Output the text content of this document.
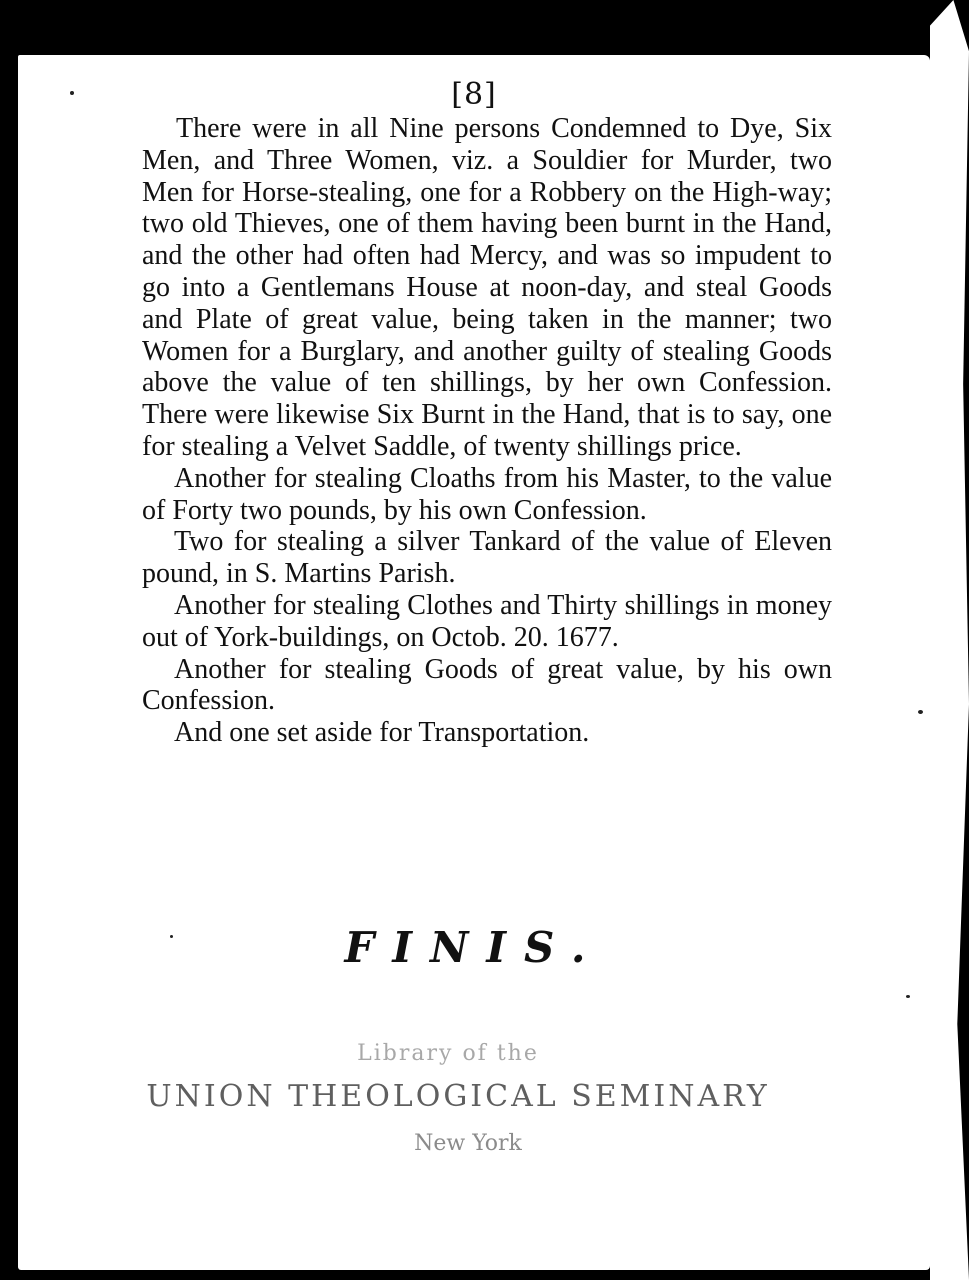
[8]

There were in all Nine persons Condemned to Dye, Six Men, and Three Women, viz. a Souldier for Murder, two Men for Horse-stealing, one for a Robbery on the High-way; two old Thieves, one of them having been burnt in the Hand, and the other had often had Mercy, and was so impudent to go into a Gentlemans House at noon-day, and steal Goods and Plate of great value, being taken in the manner; two Women for a Burglary, and another guilty of stealing Goods above the value of ten shillings, by her own Confession. There were likewise Six Burnt in the Hand, that is to say, one for stealing a Velvet Saddle, of twenty shillings price.

Another for stealing Cloaths from his Master, to the value of Forty two pounds, by his own Confession.

Two for stealing a silver Tankard of the value of Eleven pound, in S. Martins Parish.

Another for stealing Clothes and Thirty shillings in money out of York-buildings, on Octob. 20. 1677.

Another for stealing Goods of great value, by his own Confession.

And one set aside for Transportation.

FINIS.
Library of the
UNION THEOLOGICAL SEMINARY
New York
